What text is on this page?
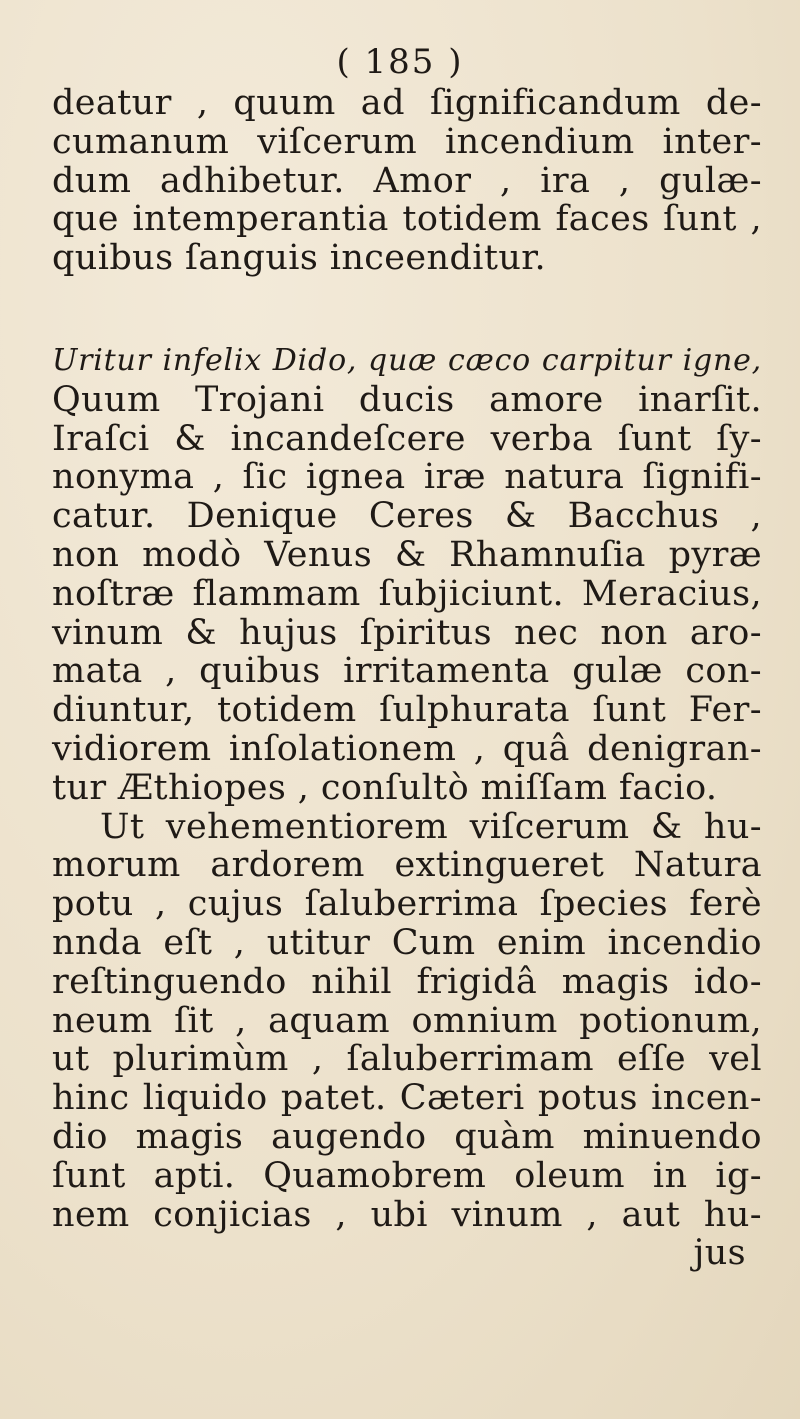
( 185 )
deatur , quum ad ſignificandum de-
cumanum viſcerum incendium inter-
dum adhibetur. Amor , ira , gulæ-
que intemperantia totidem faces ſunt ,
quibus ſanguis inceenditur.
Uritur infelix Dido, quæ cæco carpitur igne,
Quum Trojani ducis amore inarſit.
Iraſci & incandeſcere verba ſunt ſy-
nonyma , ſic ignea iræ natura ſignifi-
catur. Denique Ceres & Bacchus ,
non modò Venus & Rhamnuſia pyræ
noſtræ flammam ſubjiciunt. Meracius,
vinum & hujus ſpiritus nec non aro-
mata , quibus irritamenta gulæ con-
diuntur, totidem ſulphurata ſunt Fer-
vidiorem inſolationem , quâ denigran-
tur Æthiopes , conſultò miſſam facio.
Ut vehementiorem viſcerum & hu-
morum ardorem extingueret Natura
potu , cujus ſaluberrima ſpecies ferè
nnda eſt , utitur Cum enim incendio
reſtinguendo nihil frigidâ magis ido-
neum ſit , aquam omnium potionum,
ut plurimùm , ſaluberrimam eſſe vel
hinc liquido patet. Cæteri potus incen-
dio magis augendo quàm minuendo
ſunt apti. Quamobrem oleum in ig-
nem conjicias , ubi vinum , aut hu-
jus
